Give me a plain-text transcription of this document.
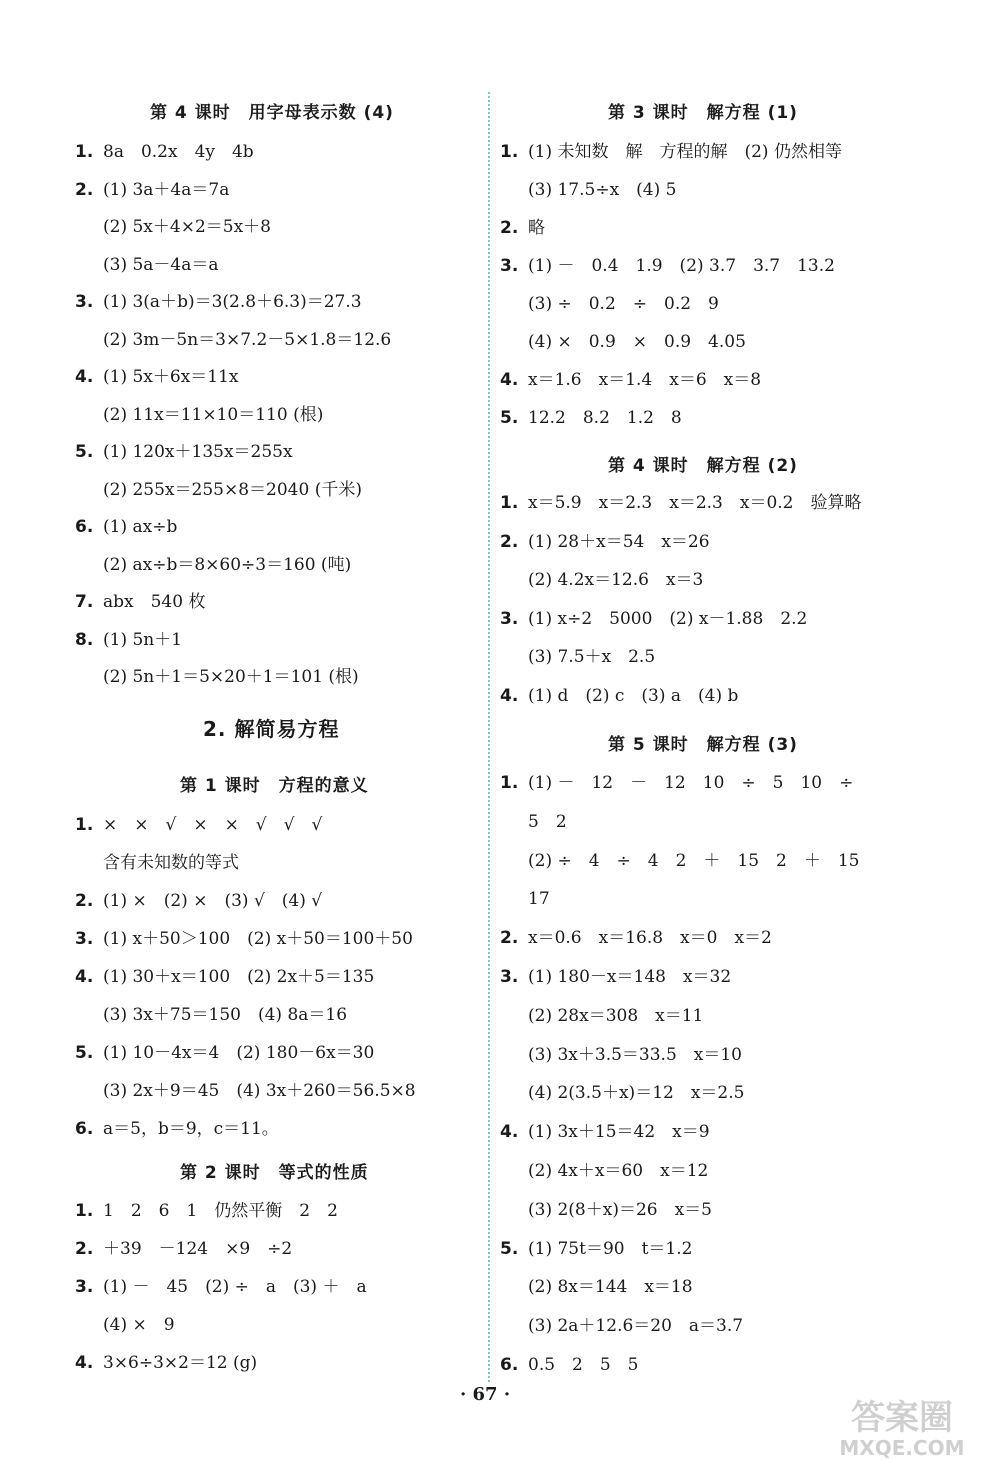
第 4 课时　用字母表示数 (4)
1. 8a　0.2x　4y　4b
2. (1) 3a＋4a＝7a
(2) 5x＋4×2＝5x＋8
(3) 5a－4a＝a
3. (1) 3(a＋b)＝3(2.8＋6.3)＝27.3
(2) 3m－5n＝3×7.2－5×1.8＝12.6
4. (1) 5x＋6x＝11x
(2) 11x＝11×10＝110 (根)
5. (1) 120x＋135x＝255x
(2) 255x＝255×8＝2040 (千米)
6. (1) ax÷b
(2) ax÷b＝8×60÷3＝160 (吨)
7. abx　540 枚
8. (1) 5n＋1
(2) 5n＋1＝5×20＋1＝101 (根)
2. 解简易方程
第 1 课时　方程的意义
1. ×　×　√　×　×　√　√　√
含有未知数的等式
2. (1) ×　(2) ×　(3) √　(4) √
3. (1) x＋50＞100　(2) x＋50＝100＋50
4. (1) 30＋x＝100　(2) 2x＋5＝135
(3) 3x＋75＝150　(4) 8a＝16
5. (1) 10－4x＝4　(2) 180－6x＝30
(3) 2x＋9＝45　(4) 3x＋260＝56.5×8
6. a＝5，b＝9，c＝11。
第 2 课时　等式的性质
1. 1　2　6　1　仍然平衡　2　2
2. ＋39　－124　×9　÷2
3. (1) －　45　(2) ÷　a　(3) ＋　a
(4) ×　9
4. 3×6÷3×2＝12 (g)
第 3 课时　解方程 (1)
1. (1) 未知数　解　方程的解　(2) 仍然相等
(3) 17.5÷x　(4) 5
2. 略
3. (1) －　0.4　1.9　(2) 3.7　3.7　13.2
(3) ÷　0.2　÷　0.2　9
(4) ×　0.9　×　0.9　4.05
4. x＝1.6　x＝1.4　x＝6　x＝8
5. 12.2　8.2　1.2　8
第 4 课时　解方程 (2)
1. x＝5.9　x＝2.3　x＝2.3　x＝0.2　验算略
2. (1) 28＋x＝54　x＝26
(2) 4.2x＝12.6　x＝3
3. (1) x÷2　5000　(2) x－1.88　2.2
(3) 7.5＋x　2.5
4. (1) d　(2) c　(3) a　(4) b
第 5 课时　解方程 (3)
1. (1) －　12　－　12　10　÷　5　10　÷
5　2
(2) ÷　4　÷　4　2　＋　15　2　＋　15
17
2. x＝0.6　x＝16.8　x＝0　x＝2
3. (1) 180－x＝148　x＝32
(2) 28x＝308　x＝11
(3) 3x＋3.5＝33.5　x＝10
(4) 2(3.5＋x)＝12　x＝2.5
4. (1) 3x＋15＝42　x＝9
(2) 4x＋x＝60　x＝12
(3) 2(8＋x)＝26　x＝5
5. (1) 75t＝90　t＝1.2
(2) 8x＝144　x＝18
(3) 2a＋12.6＝20　a＝3.7
6. 0.5　2　5　5
· 67 ·
答案圈
MXQE.COM
